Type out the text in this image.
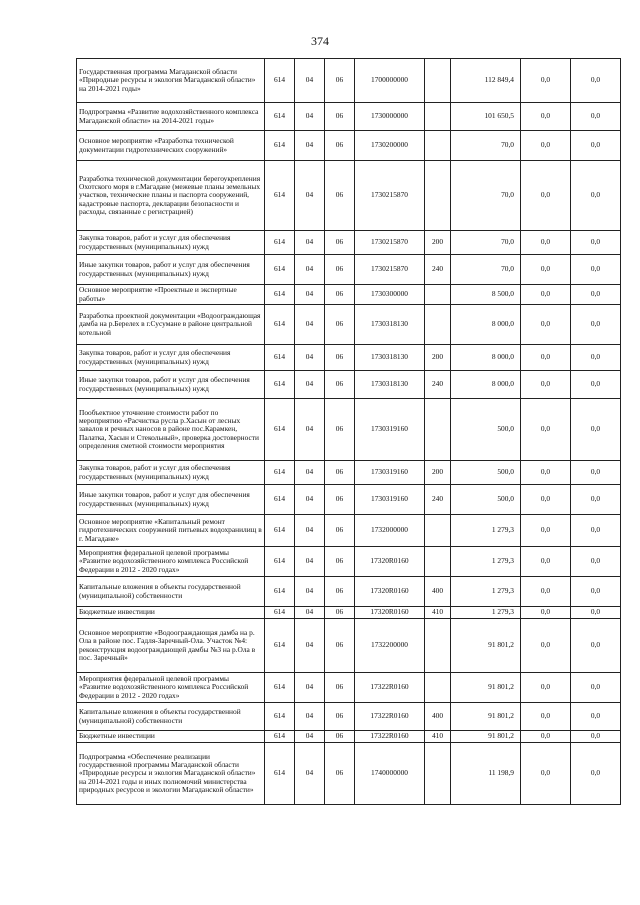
374
Государственная программа Магаданской области «Природные ресурсы и экология Магаданской области» на 2014-2021 годы»	614	04	06	1700000000		112 849,4	0,0	0,0
Подпрограмма «Развитие водохозяйственного комплекса Магаданской области» на 2014-2021 годы»	614	04	06	1730000000		101 650,5	0,0	0,0
Основное мероприятие «Разработка технической документации гидротехнических сооружений»	614	04	06	1730200000		70,0	0,0	0,0
Разработка технической документации берегоукрепления Охотского моря в г.Магадане (межевые планы земельных участков, технические планы и паспорта сооружений, кадастровые паспорта, декларации безопасности и расходы, связанные с регистрацией)	614	04	06	1730215870		70,0	0,0	0,0
Закупка товаров, работ и услуг для обеспечения государственных (муниципальных) нужд	614	04	06	1730215870	200	70,0	0,0	0,0
Иные закупки товаров, работ и услуг для обеспечения государственных (муниципальных) нужд	614	04	06	1730215870	240	70,0	0,0	0,0
Основное мероприятие «Проектные и экспертные работы»	614	04	06	1730300000		8 500,0	0,0	0,0
Разработка проектной документации «Водоограждающая дамба на р.Берелех в г.Сусумане в районе центральной котельной	614	04	06	1730318130		8 000,0	0,0	0,0
Закупка товаров, работ и услуг для обеспечения государственных (муниципальных) нужд	614	04	06	1730318130	200	8 000,0	0,0	0,0
Иные закупки товаров, работ и услуг для обеспечения государственных (муниципальных) нужд	614	04	06	1730318130	240	8 000,0	0,0	0,0
Пообъектное уточнение стоимости работ по мероприятию «Расчистка русла р.Хасын от лесных завалов и речных наносов в районе пос.Карамкен, Палатка, Хасын и Стекольный», проверка достоверности определения сметной стоимости мероприятия	614	04	06	1730319160		500,0	0,0	0,0
Закупка товаров, работ и услуг для обеспечения государственных (муниципальных) нужд	614	04	06	1730319160	200	500,0	0,0	0,0
Иные закупки товаров, работ и услуг для обеспечения государственных (муниципальных) нужд	614	04	06	1730319160	240	500,0	0,0	0,0
Основное мероприятие «Капитальный ремонт гидротехнических сооружений питьевых водохранилищ в г. Магадане»	614	04	06	1732000000		1 279,3	0,0	0,0
Мероприятия федеральной целевой программы «Развитие водохозяйственного комплекса Российской Федерации в 2012 - 2020 годах»	614	04	06	17320R0160		1 279,3	0,0	0,0
Капитальные вложения в объекты государственной (муниципальной) собственности	614	04	06	17320R0160	400	1 279,3	0,0	0,0
Бюджетные инвестиции	614	04	06	17320R0160	410	1 279,3	0,0	0,0
Основное мероприятие «Водоограждающая дамба на р. Ола в районе пос. Гадля-Заречный-Ола. Участок №4: реконструкция водоограждающей дамбы №3 на р.Ола в пос. Заречный»	614	04	06	1732200000		91 801,2	0,0	0,0
Мероприятия федеральной целевой программы «Развитие водохозяйственного комплекса Российской Федерации в 2012 - 2020 годах»	614	04	06	17322R0160		91 801,2	0,0	0,0
Капитальные вложения в объекты государственной (муниципальной) собственности	614	04	06	17322R0160	400	91 801,2	0,0	0,0
Бюджетные инвестиции	614	04	06	17322R0160	410	91 801,2	0,0	0,0
Подпрограмма «Обеспечение реализации государственной программы Магаданской области «Природные ресурсы и экология Магаданской области» на 2014-2021 годы и иных полномочий министерства природных ресурсов и экологии Магаданской области»	614	04	06	1740000000		11 198,9	0,0	0,0
